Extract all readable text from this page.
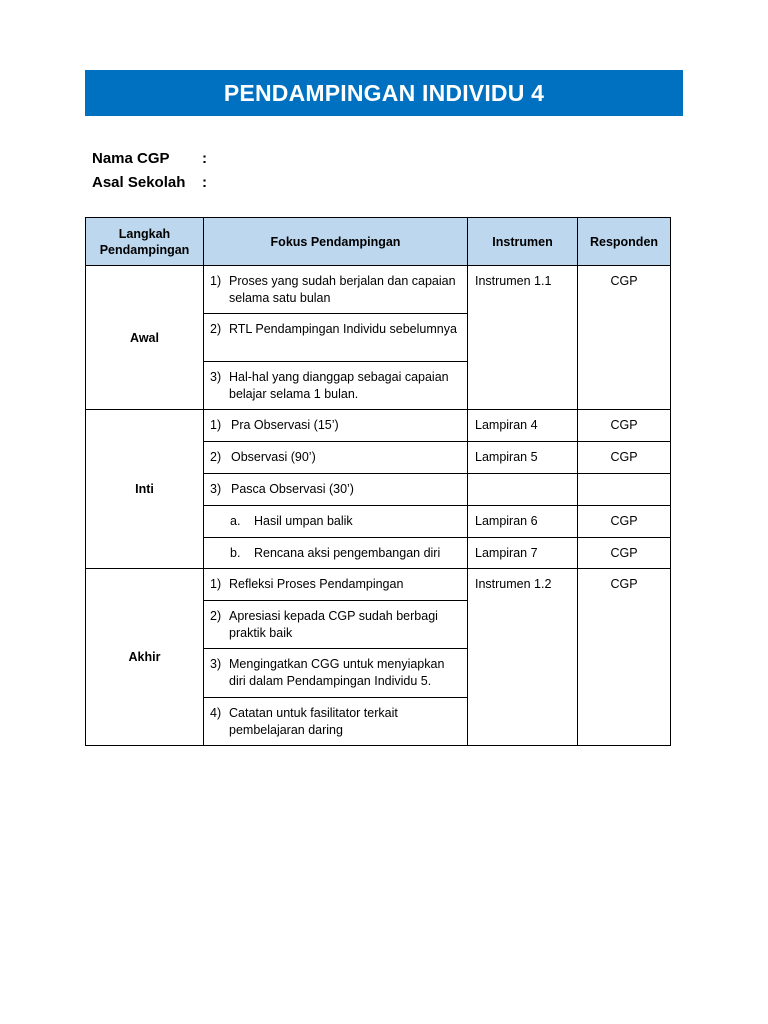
PENDAMPINGAN INDIVIDU 4
Nama CGP :
Asal Sekolah :
Langkah Pendampingan	Fokus Pendampingan	Instrumen	Responden
Awal	1) Proses yang sudah berjalan dan capaian selama satu bulan	Instrumen 1.1	CGP

	2) RTL Pendampingan Individu sebelumnya		

	3) Hal-hal yang dianggap sebagai capaian belajar selama 1 bulan.		

Inti	1) Pra Observasi (15’)	Lampiran 4	CGP

	2) Observasi (90’)	Lampiran 5	CGP

	3) Pasca Observasi (30’)		

	a. Hasil umpan balik	Lampiran 6	CGP

	b. Rencana aksi pengembangan diri	Lampiran 7	CGP
Akhir	1) Refleksi Proses Pendampingan	Instrumen 1.2	CGP

	2) Apresiasi kepada CGP sudah berbagi praktik baik		

	3) Mengingatkan CGG untuk menyiapkan diri dalam Pendampingan Individu 5.		

	4) Catatan untuk fasilitator terkait pembelajaran daring		
